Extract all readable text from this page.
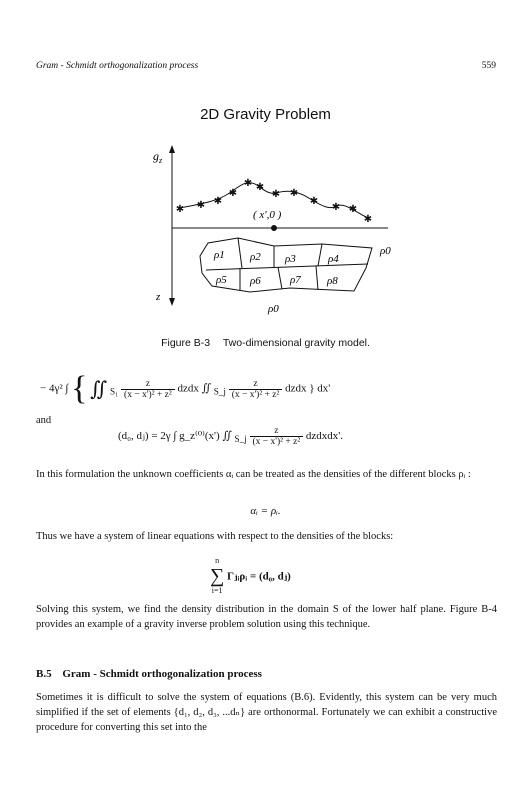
Gram - Schmidt orthogonalization process	559
2D Gravity Problem
$g_z$
z
✱ ✱ ✱
✱
✱ ✱
✱ ✱
✱
✱ ✱
✱
( x',0 )
ρ1 ρ2 ρ3	ρ4
ρ5 ρ6	ρ7 ρ8
ρ0
ρ0
Figure B-3 Two-dimensional gravity model.
− 4γ² ∫ { ∬ $_{S_1} \frac{z}{\text{(x − x')² + z²}}$ dzdx ∬ $_{S\_j} \frac{z}{\text{(x − x')² + z²}}$ dzdx } dx'
and
(d₀, dⱼ) = 2γ ∫ g_z⁽⁰⁾(x') ∬ $_{S\_j} \frac{z}{\text{(x − x')² + z²}}$ dzdxdx'.
In this formulation the unknown coefficients αᵢ can be treated as the densities of the different blocks ρᵢ :
αᵢ = ρᵢ.
Thus we have a system of linear equations with respect to the densities of the blocks:
n
∑
i=1
Γⱼᵢρᵢ = (d₀, dⱼ)
Solving this system, we find the density distribution in the domain S of the lower half plane. Figure B-4 provides an example of a gravity inverse problem solution using this technique.
B.5 Gram - Schmidt orthogonalization process
Sometimes it is difficult to solve the system of equations (B.6). Evidently, this system can be very much simplified if the set of elements {d₁, d₂, d₃, ...dₙ} are orthonormal. Fortunately we can exhibit a constructive procedure for converting this set into the
